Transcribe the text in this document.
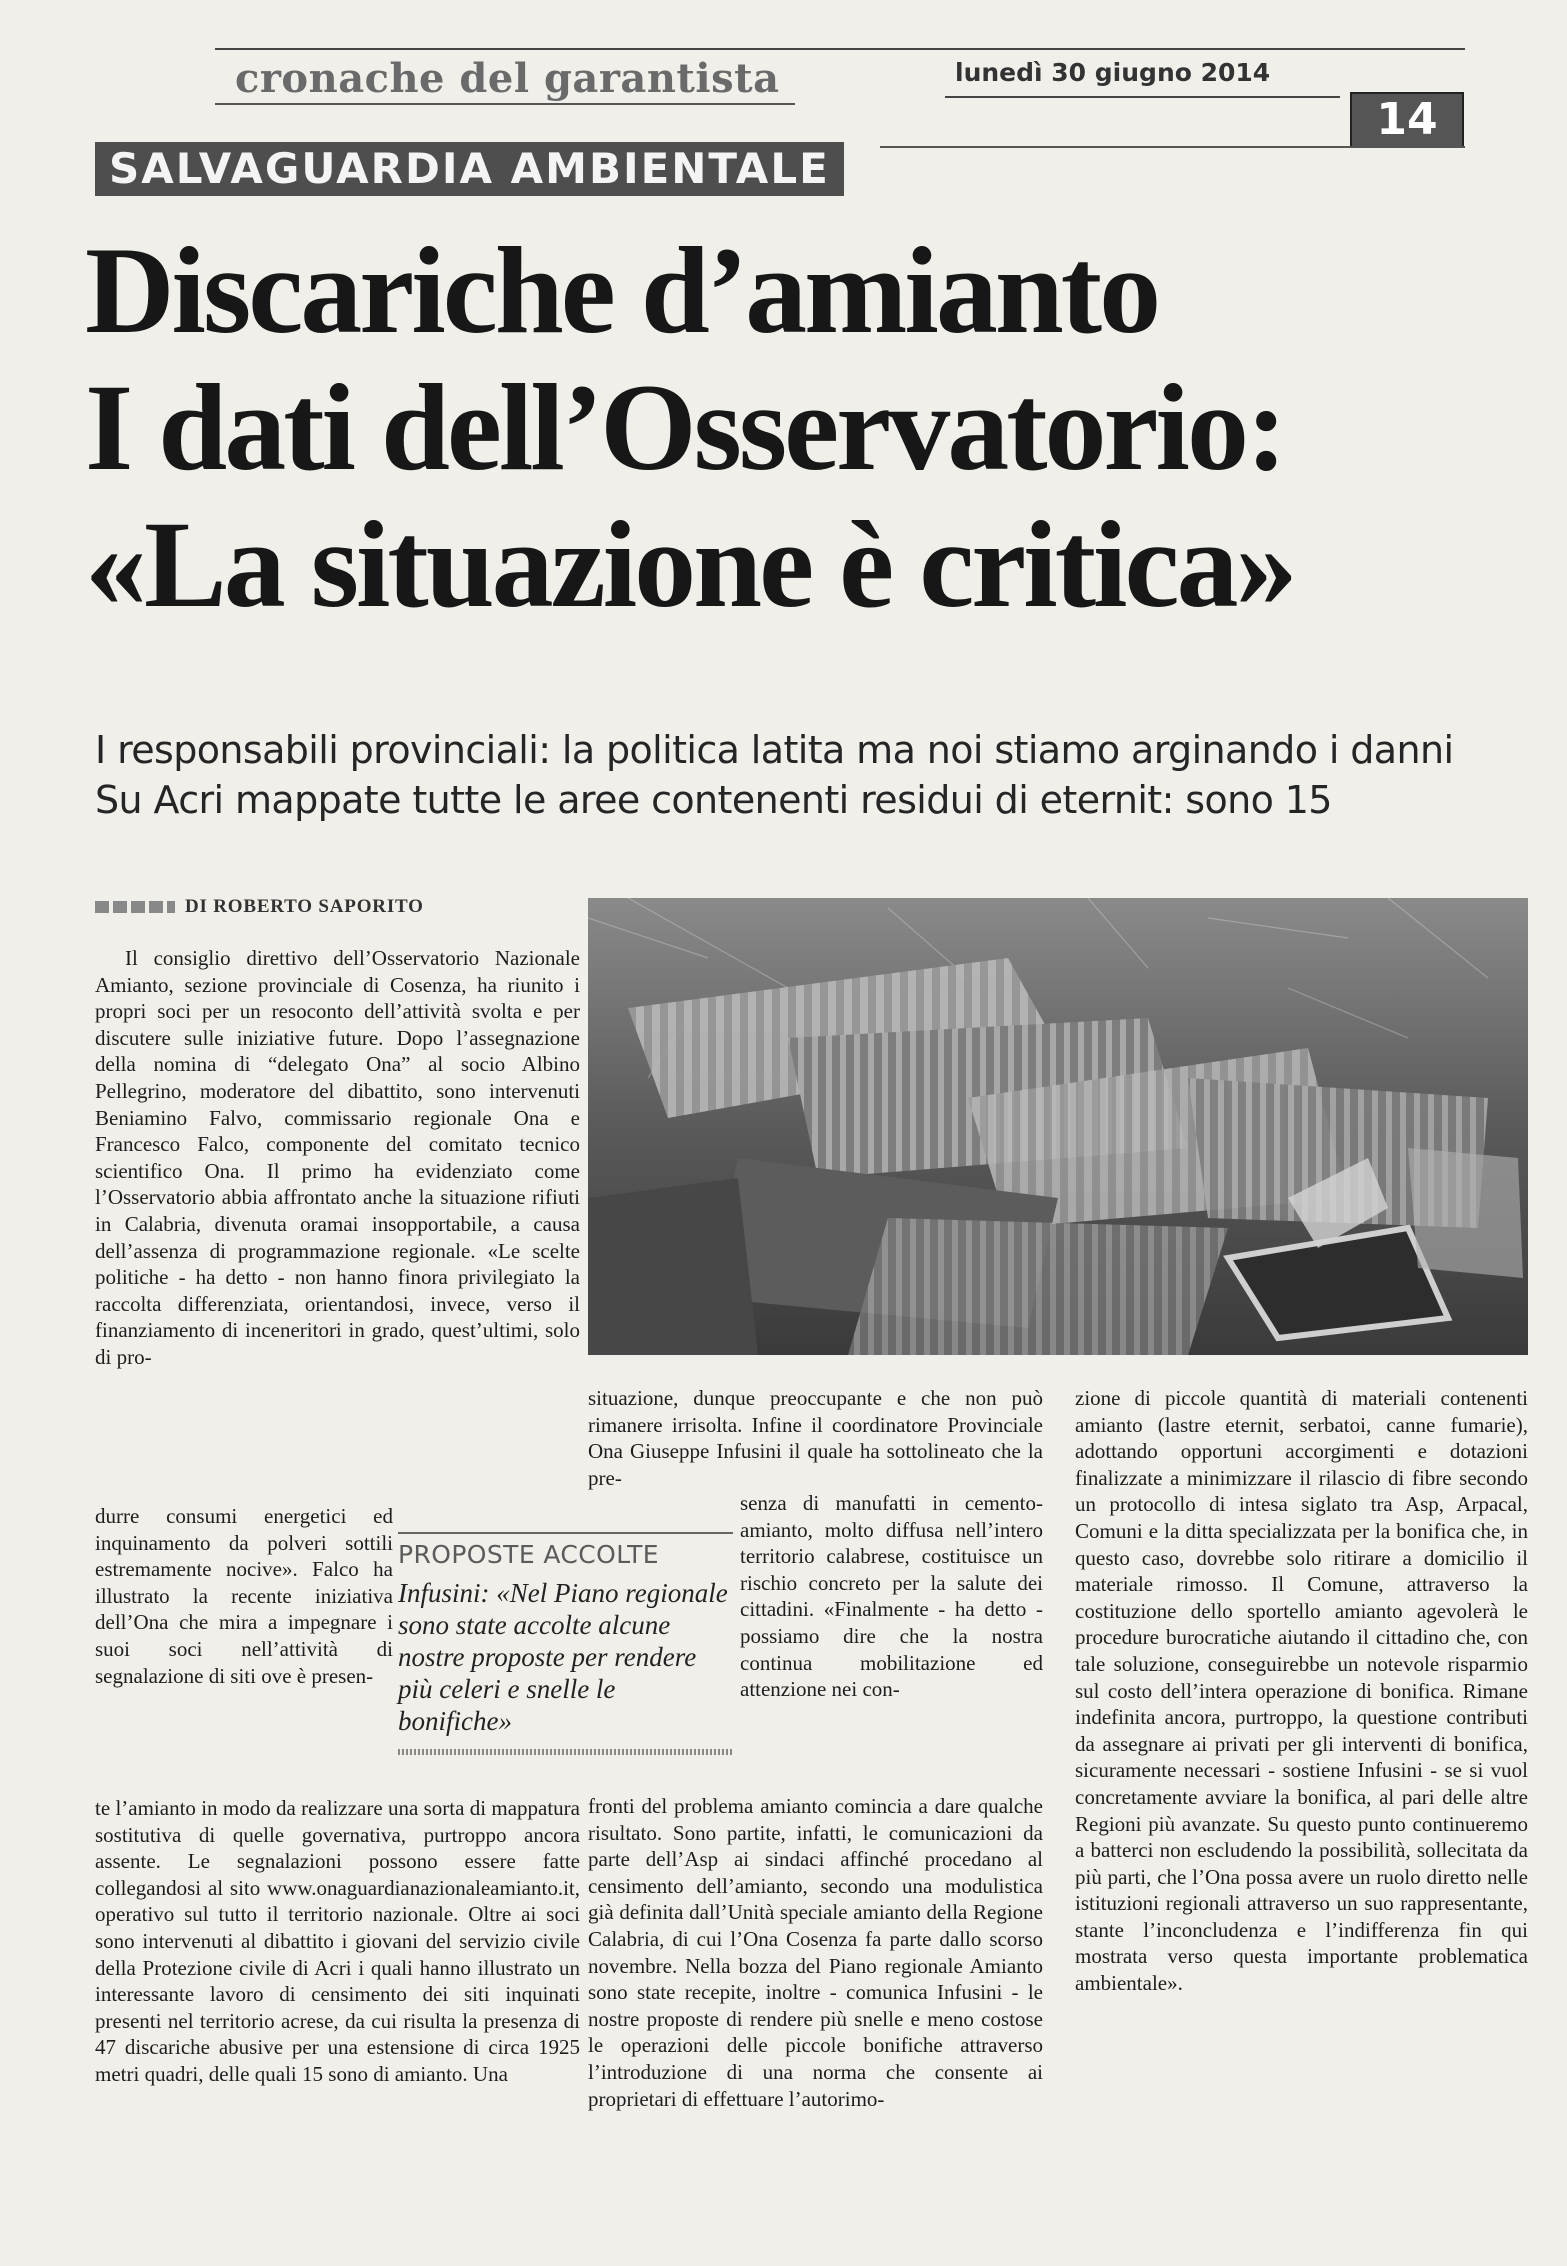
cronache del garantista	lunedì 30 giugno 2014
14
SALVAGUARDIA AMBIENTALE
Discariche d’amianto
I dati dell’Osservatorio:
«La situazione è critica»
I responsabili provinciali: la politica latita ma noi stiamo arginando i danni
Su Acri mappate tutte le aree contenenti residui di eternit: sono 15
DI ROBERTO SAPORITO
Il consiglio direttivo dell’Osservatorio Nazionale Amianto, sezione provinciale di Cosenza, ha riunito i propri soci per un resoconto dell’attività svolta e per discutere sulle iniziative future. Dopo l’assegnazione della nomina di “delegato Ona” al socio Albino Pellegrino, moderatore del dibattito, sono intervenuti Beniamino Falvo, commissario regionale Ona e Francesco Falco, componente del comitato tecnico scientifico Ona. Il primo ha evidenziato come l’Osservatorio abbia affrontato anche la situazione rifiuti in Calabria, divenuta oramai insopportabile, a causa dell’assenza di programmazione regionale. «Le scelte politiche - ha detto - non hanno finora privilegiato la raccolta differenziata, orientandosi, invece, verso il finanziamento di inceneritori in grado, quest’ultimi, solo di pro-
durre consumi energetici ed inquinamento da polveri sottili estremamente nocive». Falco ha illustrato la recente iniziativa dell’Ona che mira a impegnare i suoi soci nell’attività di segnalazione di siti ove è presen-
te l’amianto in modo da realizzare una sorta di mappatura sostitutiva di quelle governativa, purtroppo ancora assente. Le segnalazioni possono essere fatte collegandosi al sito www.onaguardianazionaleamianto.it, operativo sul tutto il territorio nazionale. Oltre ai soci sono intervenuti al dibattito i giovani del servizio civile della Protezione civile di Acri i quali hanno illustrato un interessante lavoro di censimento dei siti inquinati presenti nel territorio acrese, da cui risulta la presenza di 47 discariche abusive per una estensione di circa 1925 metri quadri, delle quali 15 sono di amianto. Una
situazione, dunque preoccupante e che non può rimanere irrisolta. Infine il coordinatore Provinciale Ona Giuseppe Infusini il quale ha sottolineato che la pre-
senza di manufatti in cemento-amianto, molto diffusa nell’intero territorio calabrese, costituisce un rischio concreto per la salute dei cittadini. «Finalmente - ha detto - possiamo dire che la nostra continua mobilitazione ed attenzione nei con-
fronti del problema amianto comincia a dare qualche risultato. Sono partite, infatti, le comunicazioni da parte dell’Asp ai sindaci affinché procedano al censimento dell’amianto, secondo una modulistica già definita dall’Unità speciale amianto della Regione Calabria, di cui l’Ona Cosenza fa parte dallo scorso novembre. Nella bozza del Piano regionale Amianto sono state recepite, inoltre - comunica Infusini - le nostre proposte di rendere più snelle e meno costose le operazioni delle piccole bonifiche attraverso l’introduzione di una norma che consente ai proprietari di effettuare l’autorimo-
zione di piccole quantità di materiali contenenti amianto (lastre eternit, serbatoi, canne fumarie), adottando opportuni accorgimenti e dotazioni finalizzate a minimizzare il rilascio di fibre secondo un protocollo di intesa siglato tra Asp, Arpacal, Comuni e la ditta specializzata per la bonifica che, in questo caso, dovrebbe solo ritirare a domicilio il materiale rimosso. Il Comune, attraverso la costituzione dello sportello amianto agevolerà le procedure burocratiche aiutando il cittadino che, con tale soluzione, conseguirebbe un notevole risparmio sul costo dell’intera operazione di bonifica. Rimane indefinita ancora, purtroppo, la questione contributi da assegnare ai privati per gli interventi di bonifica, sicuramente necessari - sostiene Infusini - se si vuol concretamente avviare la bonifica, al pari delle altre Regioni più avanzate. Su questo punto continueremo a batterci non escludendo la possibilità, sollecitata da più parti, che l’Ona possa avere un ruolo diretto nelle istituzioni regionali attraverso un suo rappresentante, stante l’inconcludenza e l’indifferenza fin qui mostrata verso questa importante problematica ambientale».
PROPOSTE ACCOLTE
Infusini: «Nel Piano regionale sono state accolte alcune nostre proposte per rendere più celeri e snelle le bonifiche»
